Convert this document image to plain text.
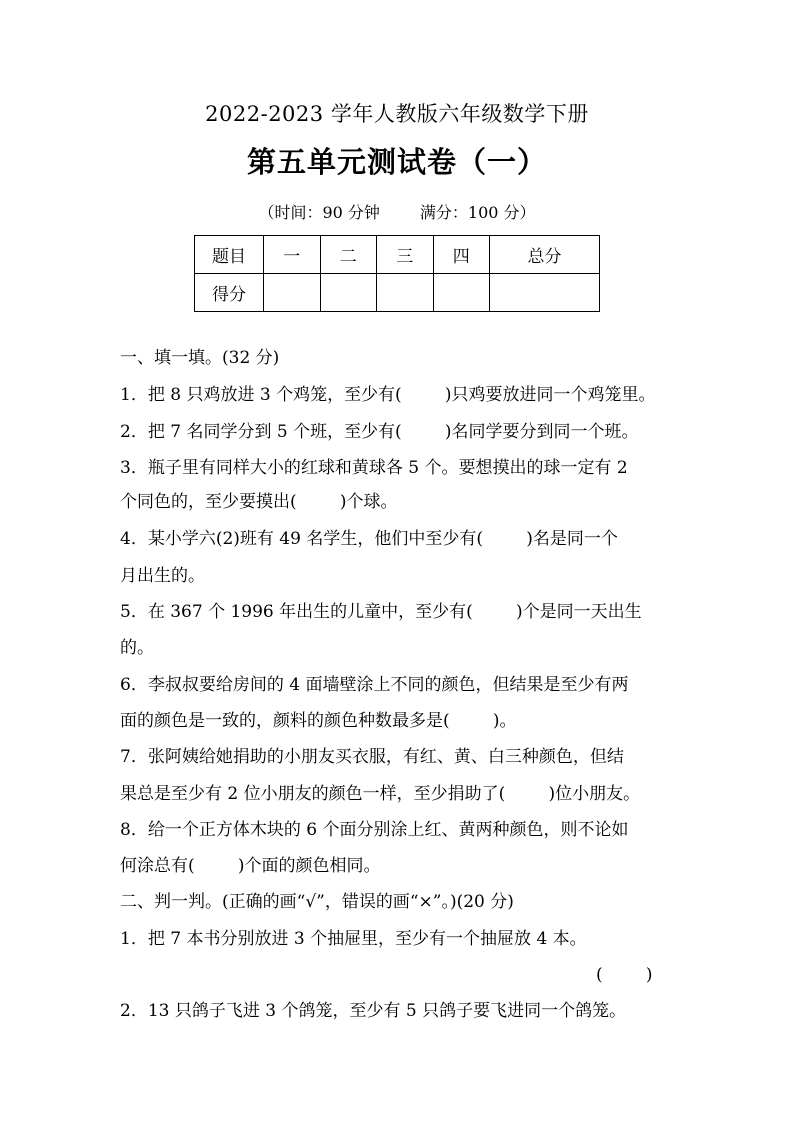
2022-2023 学年人教版六年级数学下册
第五单元测试卷（一）
（时间：90 分钟	满分：100 分）
题目	一	二	三	四	总分
得分					
一、填一填。(32 分)
1．把 8 只鸡放进 3 个鸡笼，至少有(        )只鸡要放进同一个鸡笼里。
2．把 7 名同学分到 5 个班，至少有(        )名同学要分到同一个班。
3．瓶子里有同样大小的红球和黄球各 5 个。要想摸出的球一定有 2
个同色的，至少要摸出(        )个球。
4．某小学六(2)班有 49 名学生，他们中至少有(        )名是同一个
月出生的。
5．在 367 个 1996 年出生的儿童中，至少有(        )个是同一天出生
的。
6．李叔叔要给房间的 4 面墙壁涂上不同的颜色，但结果是至少有两
面的颜色是一致的，颜料的颜色种数最多是(        )。
7．张阿姨给她捐助的小朋友买衣服，有红、黄、白三种颜色，但结
果总是至少有 2 位小朋友的颜色一样，至少捐助了(        )位小朋友。
8．给一个正方体木块的 6 个面分别涂上红、黄两种颜色，则不论如
何涂总有(        )个面的颜色相同。
二、判一判。(正确的画“√”，错误的画“×”。)(20 分)
1．把 7 本书分别放进 3 个抽屉里，至少有一个抽屉放 4 本。
(        )
2．13 只鸽子飞进 3 个鸽笼，至少有 5 只鸽子要飞进同一个鸽笼。
